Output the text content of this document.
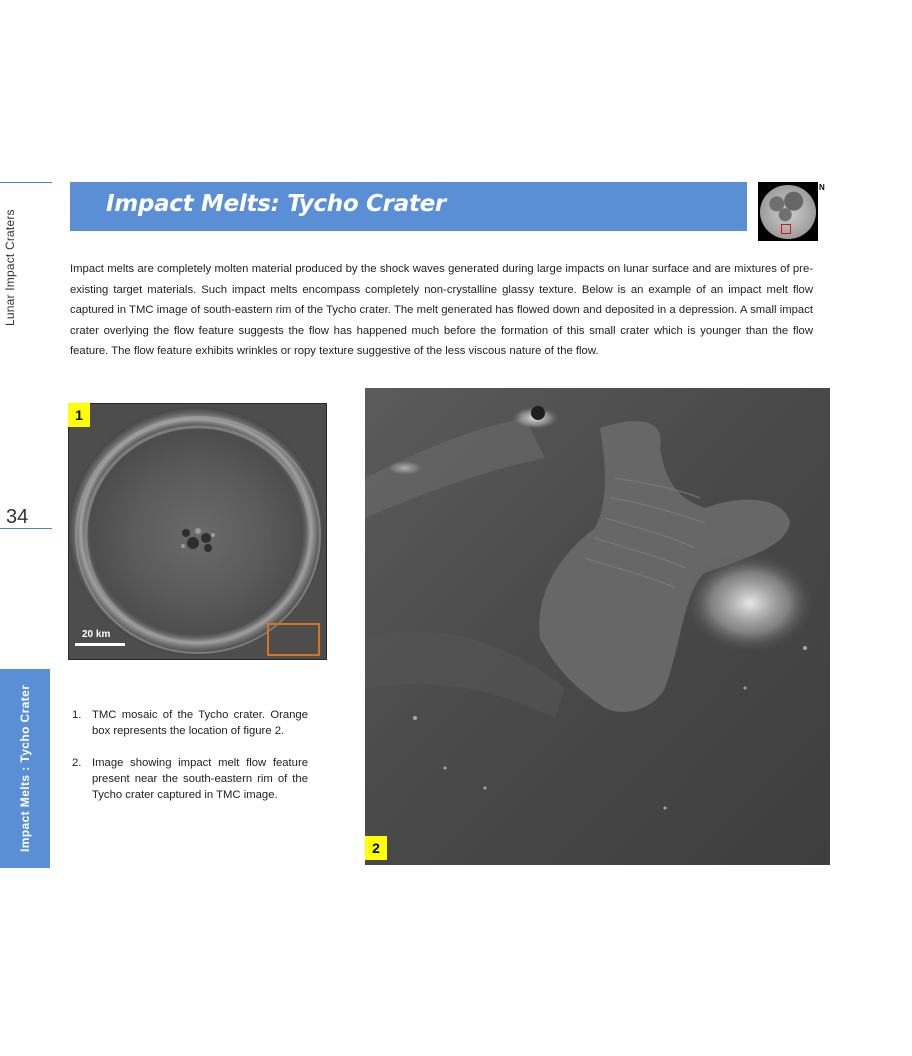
Lunar Impact Craters
34
Impact Melts : Tycho Crater
Impact Melts: Tycho Crater
N
Impact melts are completely molten material produced by the shock waves generated during large impacts on lunar surface and are mixtures of pre-existing target materials. Such impact melts encompass completely non-crystalline glassy texture. Below is an example of an impact melt flow captured in TMC image of south-eastern rim of the Tycho crater. The melt generated has flowed down and deposited in a depression. A small impact crater overlying the flow feature suggests the flow has happened much before the formation of this small crater which is younger than the flow feature. The flow feature exhibits wrinkles or ropy texture suggestive of the less viscous nature of the flow.
1
20 km
1. TMC mosaic of the Tycho crater. Orange box represents the location of figure 2.
2. Image showing impact melt flow feature present near the south-eastern rim of the Tycho crater captured in TMC image.
2
